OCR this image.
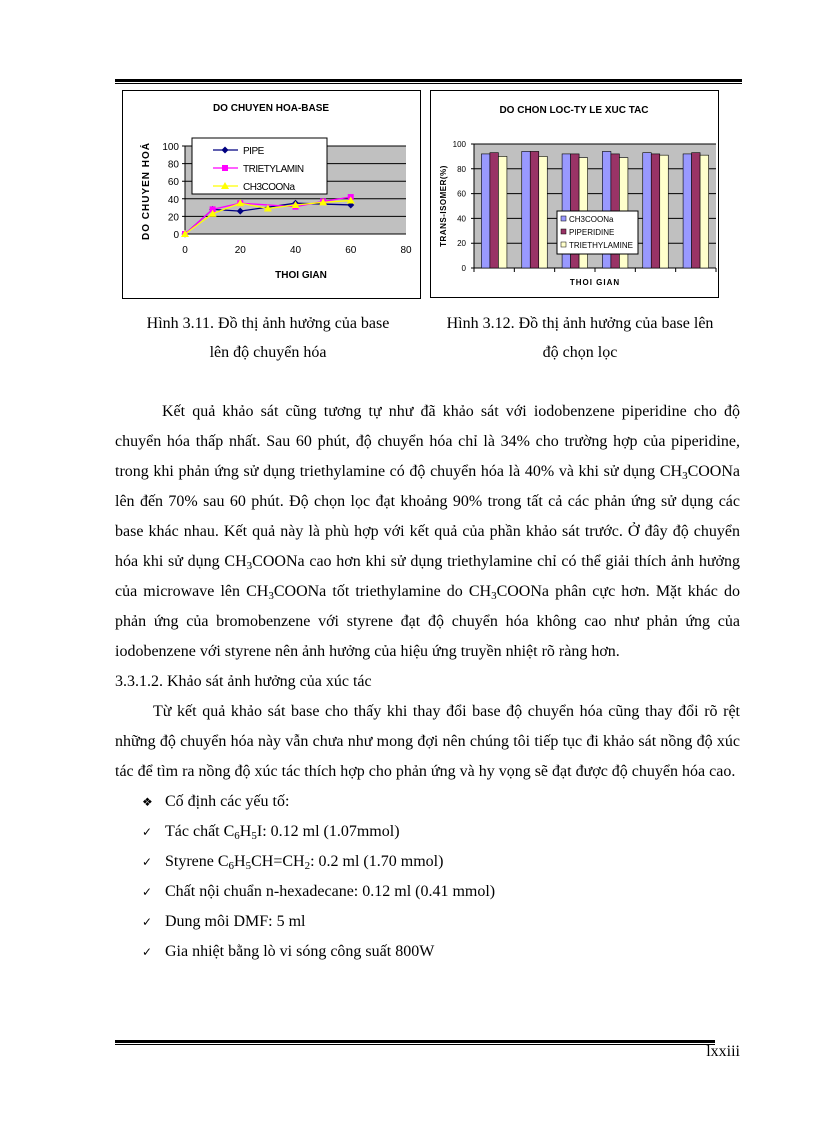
DO CHUYEN HOA-BASE
0
20
40
60
80
100
0	20	40	60	80
THOI GIAN
DO CHUYEN HOÁ	PIPE
TRIETYLAMIN
CH3COONa
DO CHON LOC-TY LE XUC TAC
0
20
40
60
80
100
THOI GIAN
TRANS-ISOMER(%)	CH3COONa
PIPERIDINE
TRIETHYLAMINE
Hình 3.11. Đồ thị ảnh hưởng của base
lên độ chuyển hóa
Hình 3.12. Đồ thị ảnh hưởng của base lên
độ chọn lọc

Kết quả khảo sát cũng tương tự như đã khảo sát với iodobenzene piperidine cho độ chuyển hóa thấp nhất. Sau 60 phút, độ chuyển hóa chỉ là 34% cho trường hợp của piperidine, trong khi phản ứng sử dụng triethylamine có độ chuyển hóa là 40% và khi sử dụng $CH_3COONa$ lên đến 70% sau 60 phút. Độ chọn lọc đạt khoảng 90% trong tất cả các phản ứng sử dụng các base khác nhau. Kết quả này là phù hợp với kết quả của phần khảo sát trước. Ở đây độ chuyển hóa khi sử dụng $CH_3COONa$ cao hơn khi sử dụng triethylamine chỉ có thể giải thích ảnh hưởng của microwave lên $CH_3COONa$ tốt triethylamine do $CH_3COONa$ phân cực hơn. Mặt khác do phản ứng của bromobenzene với styrene đạt độ chuyển hóa không cao như phản ứng của iodobenzene với styrene nên ảnh hưởng của hiệu ứng truyền nhiệt rõ ràng hơn.

3.3.1.2. Khảo sát ảnh hưởng của xúc tác

Từ kết quả khảo sát base cho thấy khi thay đổi base độ chuyển hóa cũng thay đổi rõ rệt những độ chuyển hóa này vẫn chưa như mong đợi nên chúng tôi tiếp tục đi khảo sát nồng độ xúc tác để tìm ra nồng độ xúc tác thích hợp cho phản ứng và hy vọng sẽ đạt được độ chuyển hóa cao.

❖ Cố định các yếu tố:
✓ Tác chất $C_6H_5I$: 0.12 ml (1.07mmol)
✓ Styrene $C_6H_5CH=CH_2$: 0.2 ml (1.70 mmol)
✓ Chất nội chuẩn n-hexadecane: 0.12 ml (0.41 mmol)
✓ Dung môi DMF: 5 ml
✓ Gia nhiệt bằng lò vi sóng công suất 800W
lxxiii
